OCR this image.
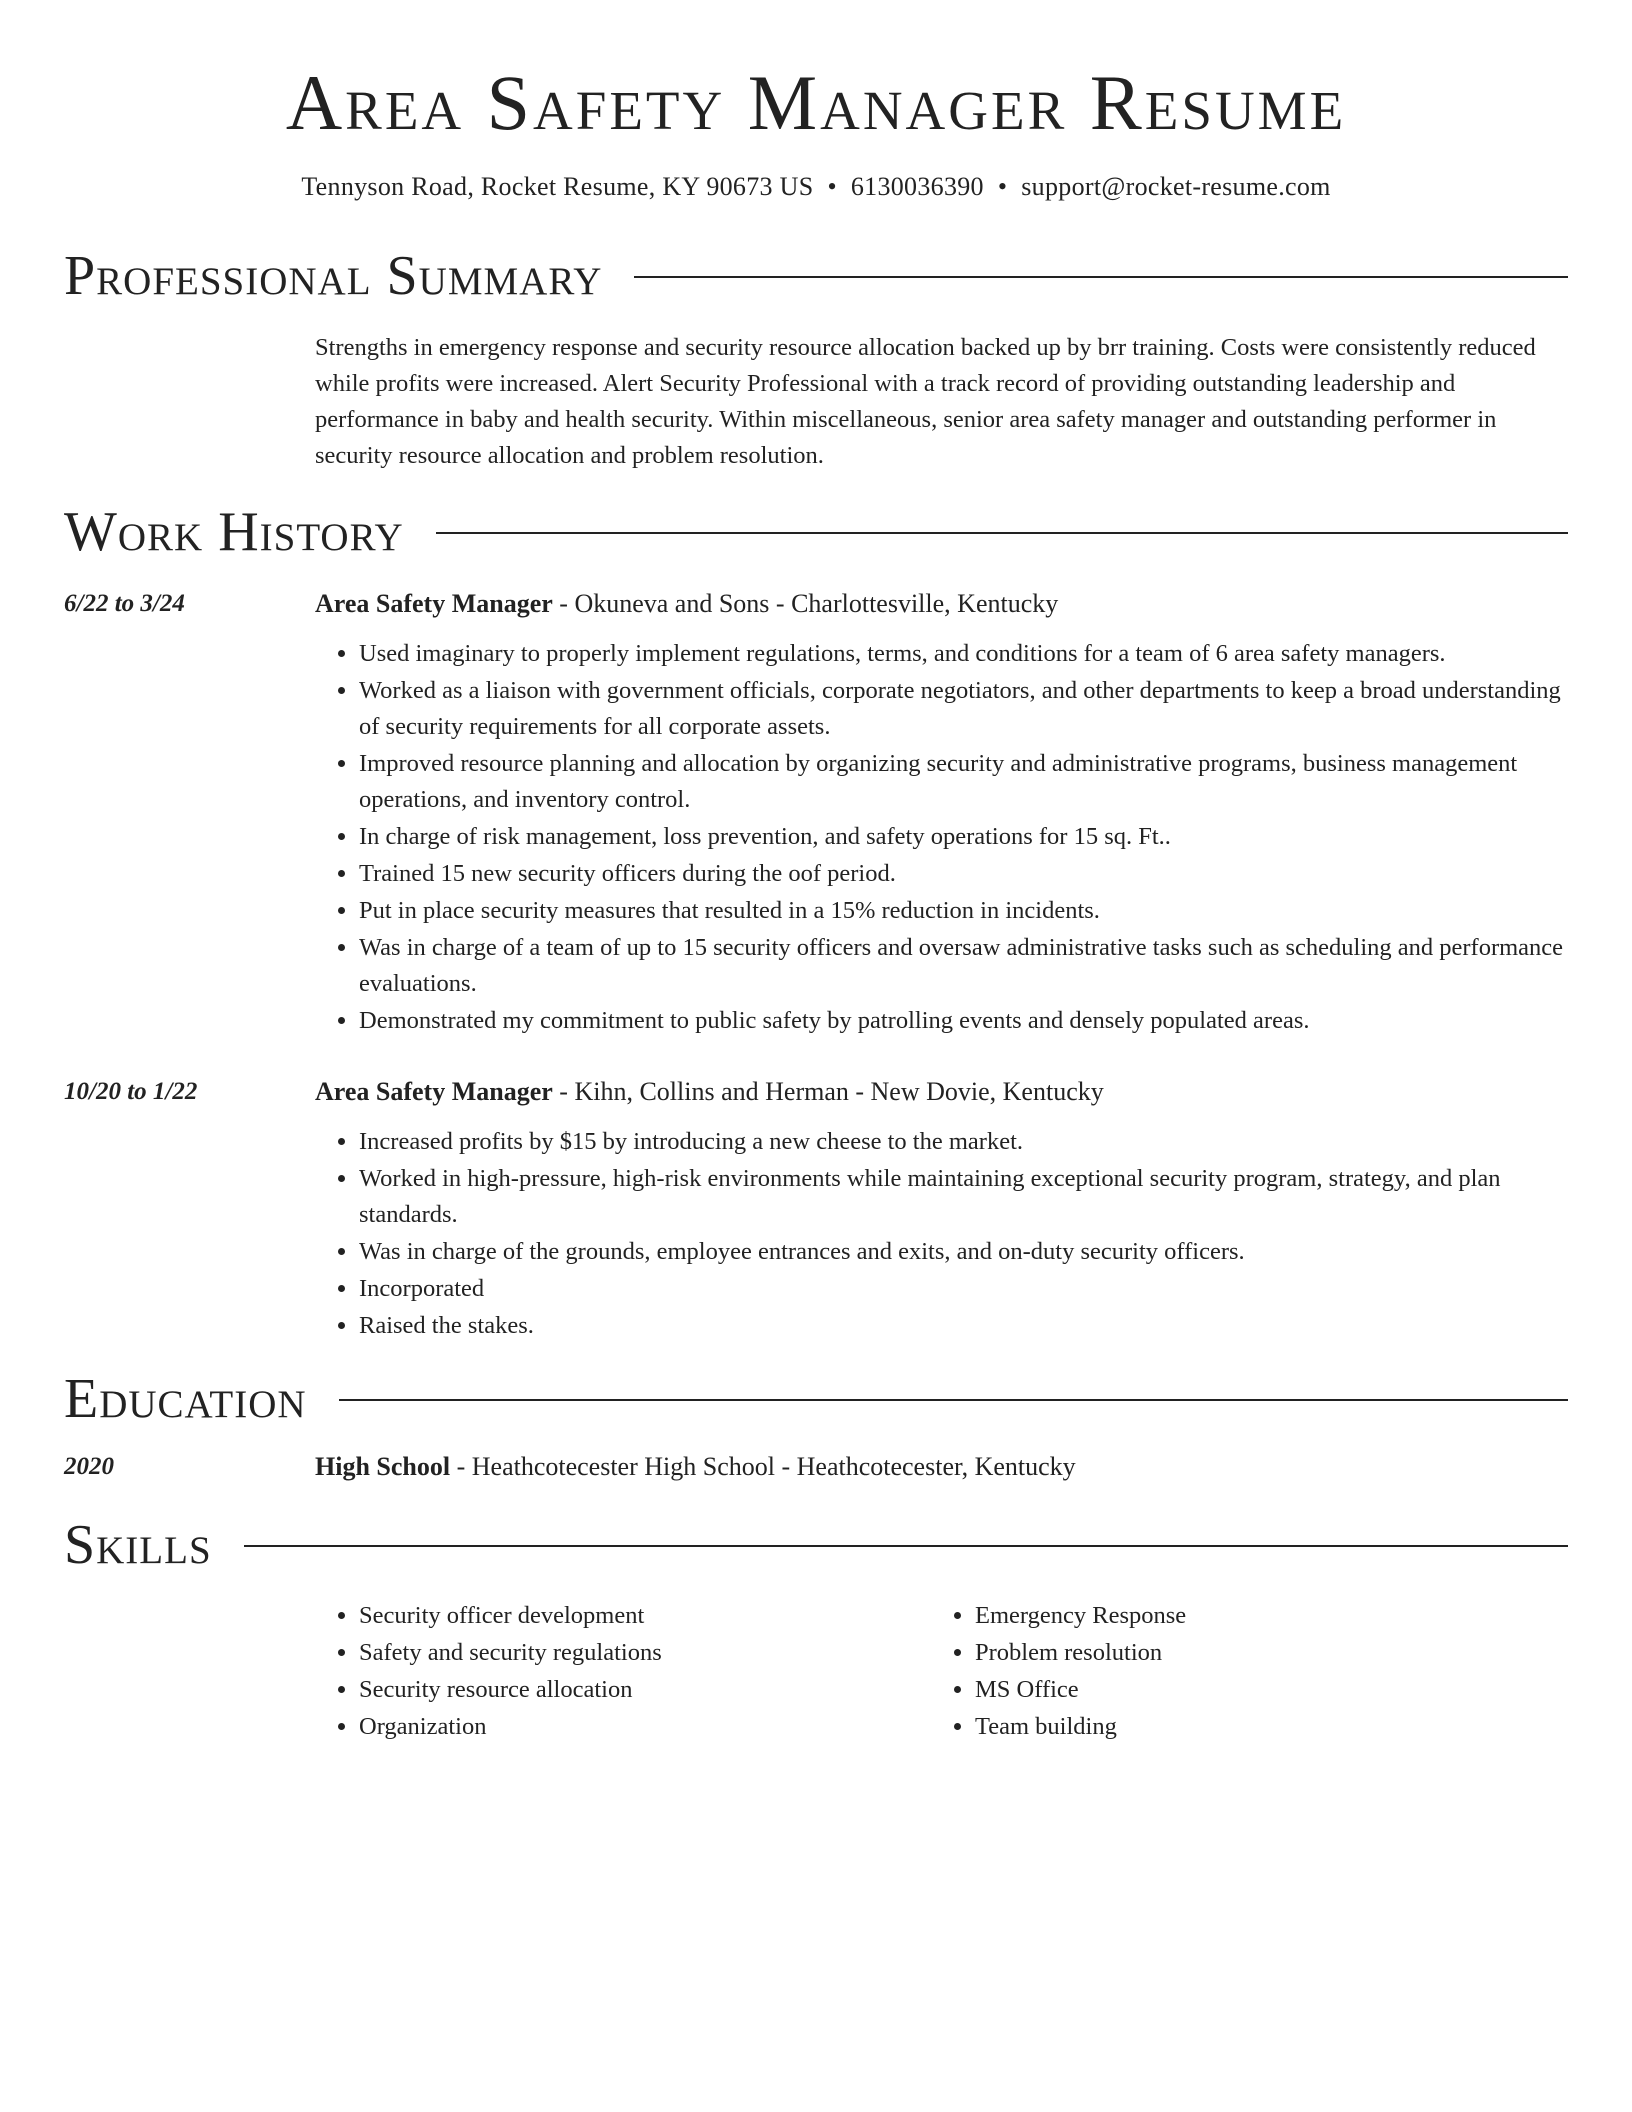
Area Safety Manager Resume
Tennyson Road, Rocket Resume, KY 90673 US • 6130036390 • support@rocket-resume.com
Professional Summary
Strengths in emergency response and security resource allocation backed up by brr training. Costs were consistently reduced while profits were increased. Alert Security Professional with a track record of providing outstanding leadership and performance in baby and health security. Within miscellaneous, senior area safety manager and outstanding performer in security resource allocation and problem resolution.
Work History
6/22 to 3/24	Area Safety Manager - Okuneva and Sons - Charlottesville, Kentucky
• Used imaginary to properly implement regulations, terms, and conditions for a team of 6 area safety managers.
• Worked as a liaison with government officials, corporate negotiators, and other departments to keep a broad understanding of security requirements for all corporate assets.
• Improved resource planning and allocation by organizing security and administrative programs, business management operations, and inventory control.
• In charge of risk management, loss prevention, and safety operations for 15 sq. Ft..
• Trained 15 new security officers during the oof period.
• Put in place security measures that resulted in a 15% reduction in incidents.
• Was in charge of a team of up to 15 security officers and oversaw administrative tasks such as scheduling and performance evaluations.
• Demonstrated my commitment to public safety by patrolling events and densely populated areas.
10/20 to 1/22	Area Safety Manager - Kihn, Collins and Herman - New Dovie, Kentucky
• Increased profits by $15 by introducing a new cheese to the market.
• Worked in high-pressure, high-risk environments while maintaining exceptional security program, strategy, and plan standards.
• Was in charge of the grounds, employee entrances and exits, and on-duty security officers.
• Incorporated
• Raised the stakes.
Education
2020	High School - Heathcotecester High School - Heathcotecester, Kentucky
Skills
• Security officer development
• Safety and security regulations
• Security resource allocation
• Organization
• Emergency Response
• Problem resolution
• MS Office
• Team building
